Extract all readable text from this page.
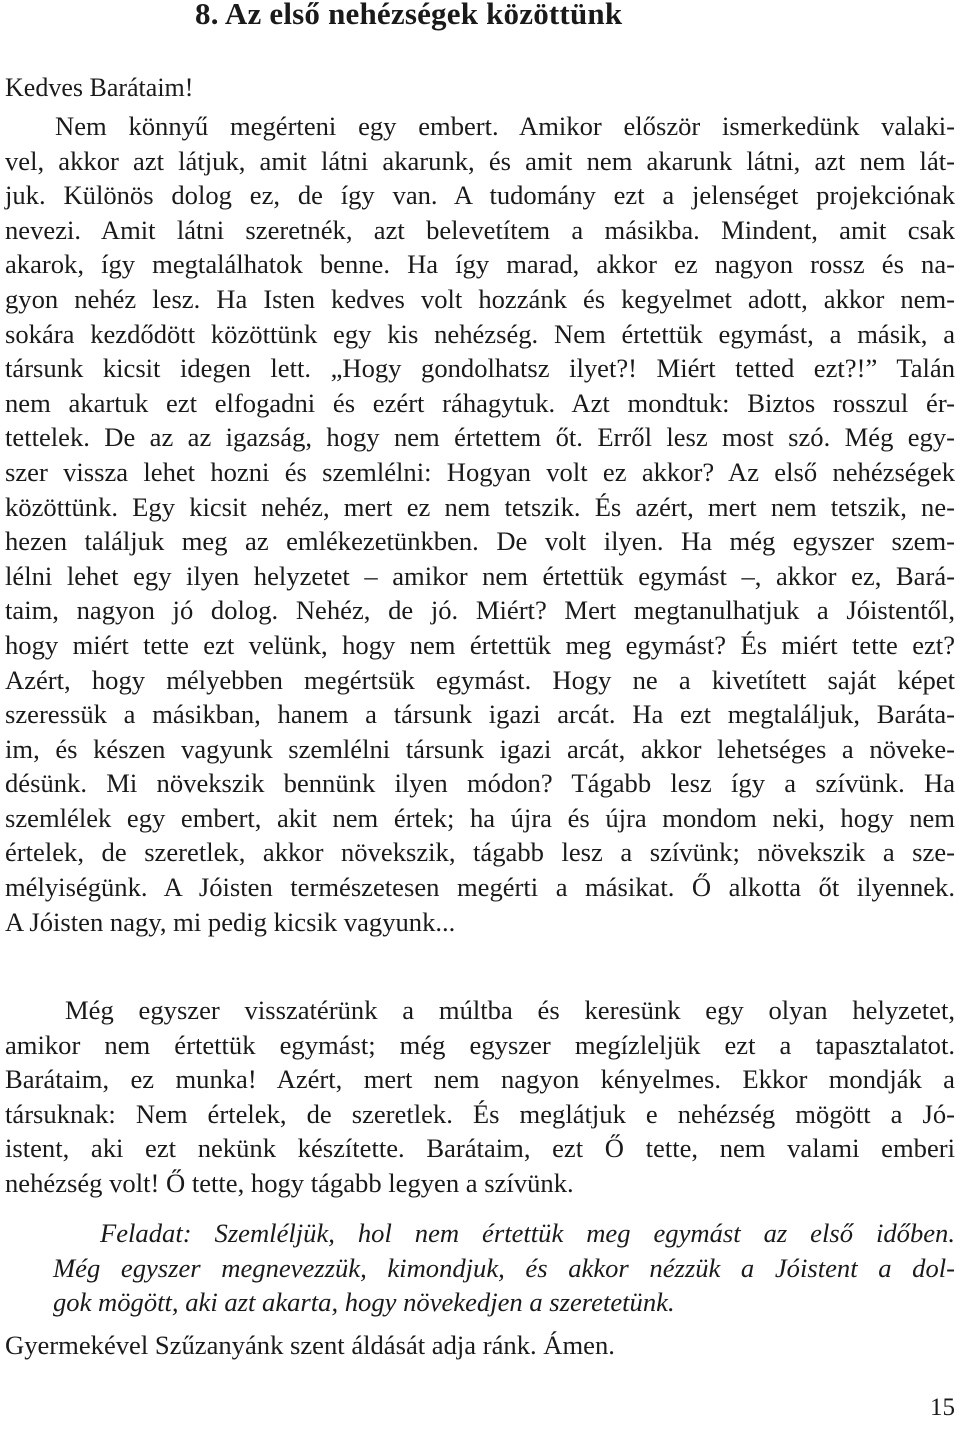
8. Az első nehézségek közöttünk

Kedves Barátaim!

Nem könnyű megérteni egy embert. Amikor először ismerkedünk valaki-
vel, akkor azt látjuk, amit látni akarunk, és amit nem akarunk látni, azt nem lát-
juk. Különös dolog ez, de így van. A tudomány ezt a jelenséget projekciónak
nevezi. Amit látni szeretnék, azt belevetítem a másikba. Mindent, amit csak
akarok, így megtalálhatok benne. Ha így marad, akkor ez nagyon rossz és na-
gyon nehéz lesz. Ha Isten kedves volt hozzánk és kegyelmet adott, akkor nem-
sokára kezdődött közöttünk egy kis nehézség. Nem értettük egymást, a másik, a
társunk kicsit idegen lett. „Hogy gondolhatsz ilyet?! Miért tetted ezt?!” Talán
nem akartuk ezt elfogadni és ezért ráhagytuk. Azt mondtuk: Biztos rosszul ér-
tettelek. De az az igazság, hogy nem értettem őt. Erről lesz most szó. Még egy-
szer vissza lehet hozni és szemlélni: Hogyan volt ez akkor? Az első nehézségek
közöttünk. Egy kicsit nehéz, mert ez nem tetszik. És azért, mert nem tetszik, ne-
hezen találjuk meg az emlékezetünkben. De volt ilyen. Ha még egyszer szem-
lélni lehet egy ilyen helyzetet – amikor nem értettük egymást –, akkor ez, Bará-
taim, nagyon jó dolog. Nehéz, de jó. Miért? Mert megtanulhatjuk a Jóistentől,
hogy miért tette ezt velünk, hogy nem értettük meg egymást? És miért tette ezt?
Azért, hogy mélyebben megértsük egymást. Hogy ne a kivetített saját képet
szeressük a másikban, hanem a társunk igazi arcát. Ha ezt megtaláljuk, Baráta-
im, és készen vagyunk szemlélni társunk igazi arcát, akkor lehetséges a növeke-
désünk. Mi növekszik bennünk ilyen módon? Tágabb lesz így a szívünk. Ha
szemlélek egy embert, akit nem értek; ha újra és újra mondom neki, hogy nem
értelek, de szeretlek, akkor növekszik, tágabb lesz a szívünk; növekszik a sze-
mélyiségünk. A Jóisten természetesen megérti a másikat. Ő alkotta őt ilyennek.
A Jóisten nagy, mi pedig kicsik vagyunk...
Még egyszer visszatérünk a múltba és keresünk egy olyan helyzetet,
amikor nem értettük egymást; még egyszer megízleljük ezt a tapasztalatot.
Barátaim, ez munka! Azért, mert nem nagyon kényelmes. Ekkor mondják a
társuknak: Nem értelek, de szeretlek. És meglátjuk e nehézség mögött a Jó-
istent, aki ezt nekünk készítette. Barátaim, ezt Ő tette, nem valami emberi
nehézség volt! Ő tette, hogy tágabb legyen a szívünk.
Feladat: Szemléljük, hol nem értettük meg egymást az első időben.
Még egyszer megnevezzük, kimondjuk, és akkor nézzük a Jóistent a dol-
gok mögött, aki azt akarta, hogy növekedjen a szeretetünk.
Gyermekével Szűzanyánk szent áldását adja ránk. Ámen.

15
